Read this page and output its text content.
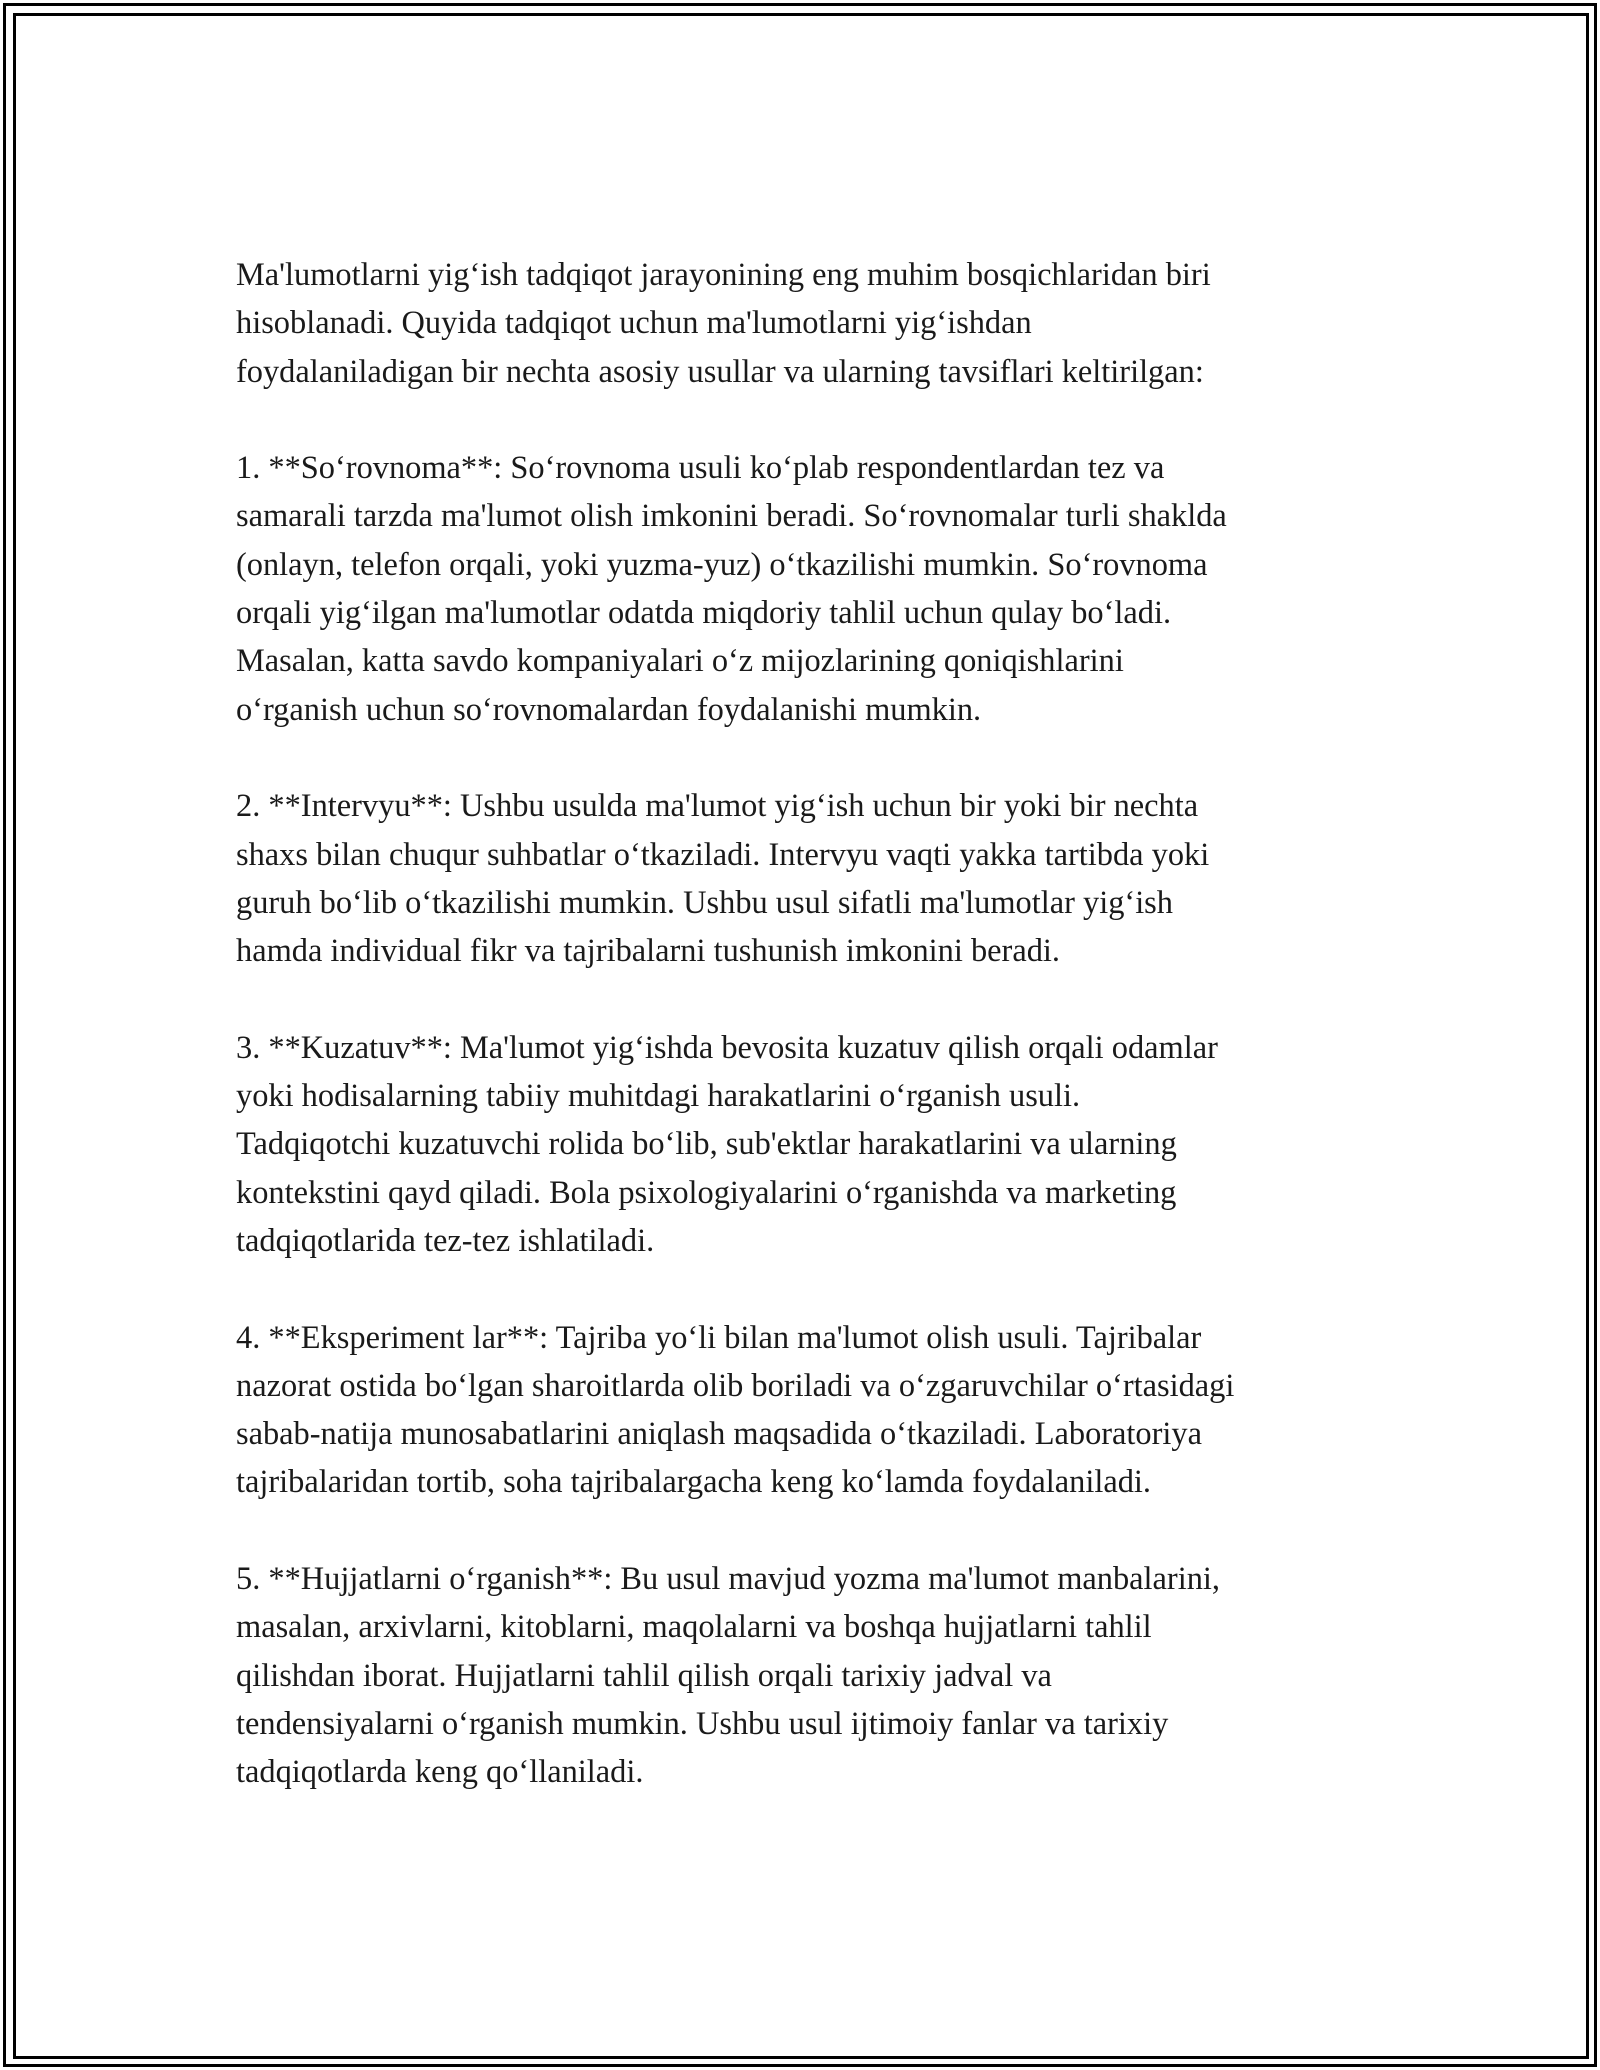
Ma'lumotlarni yig‘ish tadqiqot jarayonining eng muhim bosqichlaridan biri
hisoblanadi. Quyida tadqiqot uchun ma'lumotlarni yig‘ishdan
foydalaniladigan bir nechta asosiy usullar va ularning tavsiflari keltirilgan:

1. **So‘rovnoma**: So‘rovnoma usuli ko‘plab respondentlardan tez va
samarali tarzda ma'lumot olish imkonini beradi. So‘rovnomalar turli shaklda
(onlayn, telefon orqali, yoki yuzma-yuz) o‘tkazilishi mumkin. So‘rovnoma
orqali yig‘ilgan ma'lumotlar odatda miqdoriy tahlil uchun qulay bo‘ladi.
Masalan, katta savdo kompaniyalari o‘z mijozlarining qoniqishlarini
o‘rganish uchun so‘rovnomalardan foydalanishi mumkin.

2. **Intervyu**: Ushbu usulda ma'lumot yig‘ish uchun bir yoki bir nechta
shaxs bilan chuqur suhbatlar o‘tkaziladi. Intervyu vaqti yakka tartibda yoki
guruh bo‘lib o‘tkazilishi mumkin. Ushbu usul sifatli ma'lumotlar yig‘ish
hamda individual fikr va tajribalarni tushunish imkonini beradi.

3. **Kuzatuv**: Ma'lumot yig‘ishda bevosita kuzatuv qilish orqali odamlar
yoki hodisalarning tabiiy muhitdagi harakatlarini o‘rganish usuli.
Tadqiqotchi kuzatuvchi rolida bo‘lib, sub'ektlar harakatlarini va ularning
kontekstini qayd qiladi. Bola psixologiyalarini o‘rganishda va marketing
tadqiqotlarida tez-tez ishlatiladi.

4. **Eksperiment lar**: Tajriba yo‘li bilan ma'lumot olish usuli. Tajribalar
nazorat ostida bo‘lgan sharoitlarda olib boriladi va o‘zgaruvchilar o‘rtasidagi
sabab-natija munosabatlarini aniqlash maqsadida o‘tkaziladi. Laboratoriya
tajribalaridan tortib, soha tajribalargacha keng ko‘lamda foydalaniladi.

5. **Hujjatlarni o‘rganish**: Bu usul mavjud yozma ma'lumot manbalarini,
masalan, arxivlarni, kitoblarni, maqolalarni va boshqa hujjatlarni tahlil
qilishdan iborat. Hujjatlarni tahlil qilish orqali tarixiy jadval va
tendensiyalarni o‘rganish mumkin. Ushbu usul ijtimoiy fanlar va tarixiy
tadqiqotlarda keng qo‘llaniladi.
